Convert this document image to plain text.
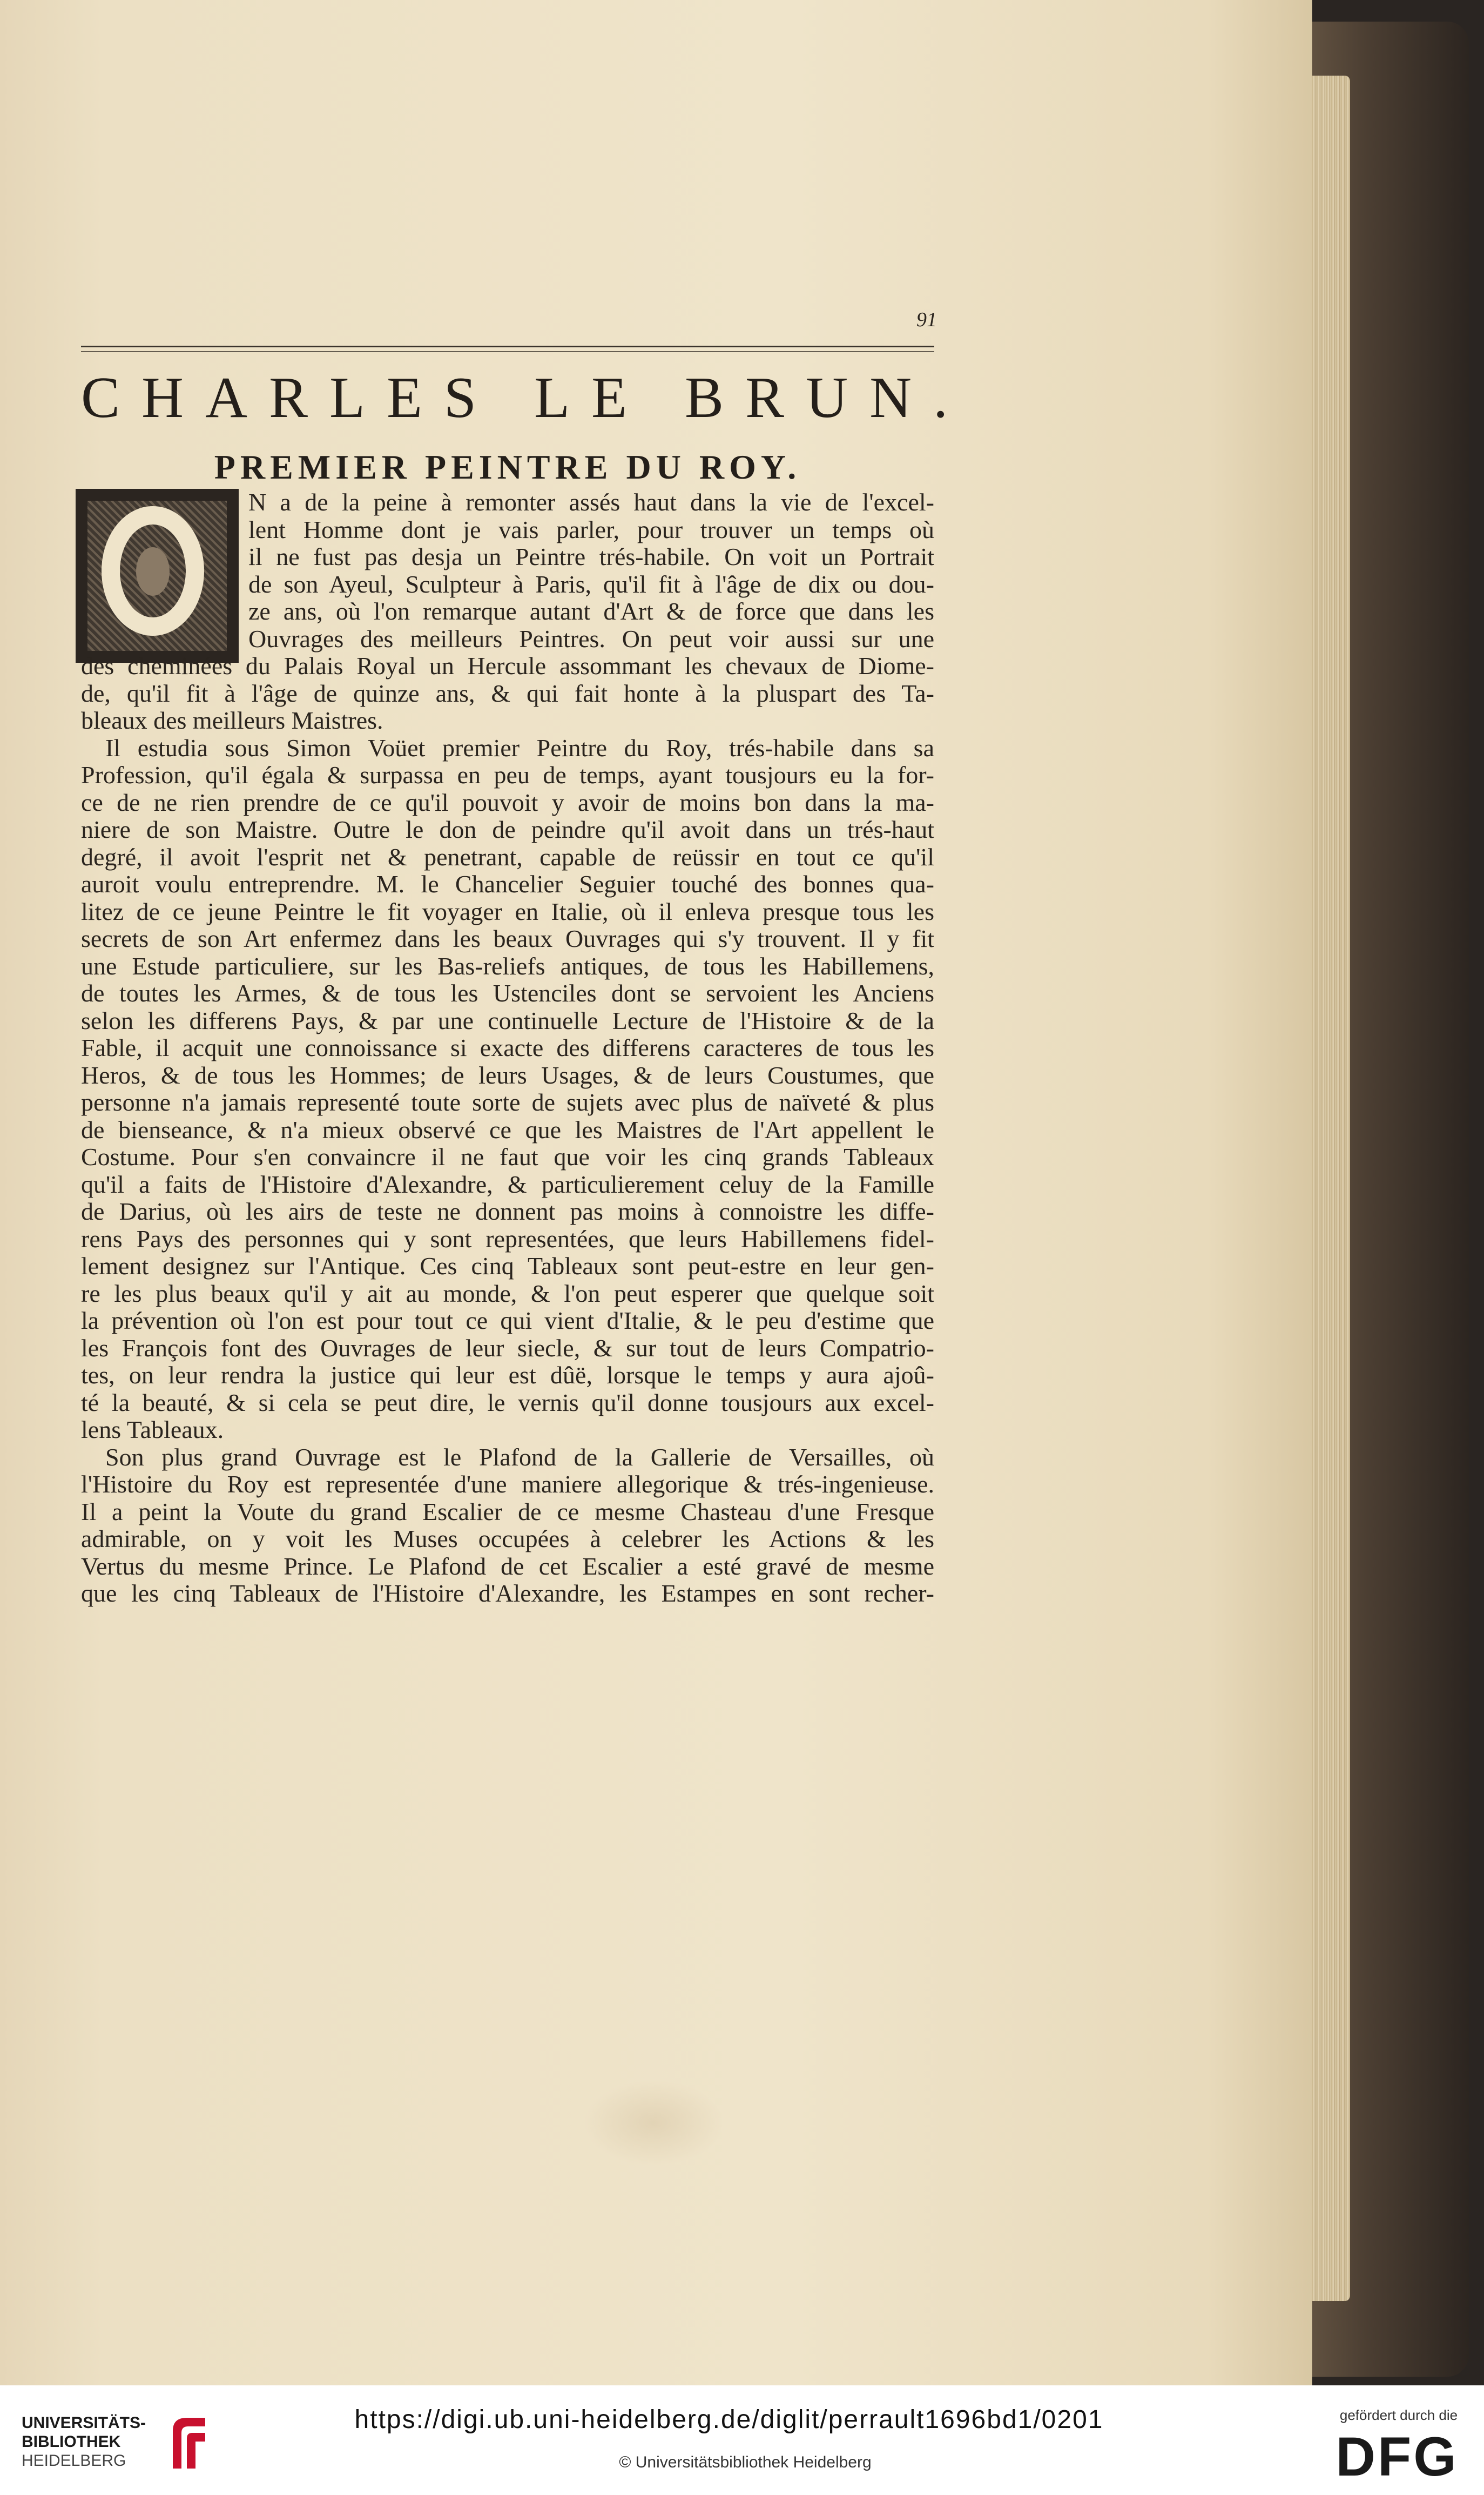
91
CHARLES LE BRUN.
PREMIER PEINTRE DU ROY.
N a de la peine à remonter assés haut dans la vie de l'excel-
lent Homme dont je vais parler, pour trouver un temps où
il ne fust pas desja un Peintre trés-habile. On voit un Portrait
de son Ayeul, Sculpteur à Paris, qu'il fit à l'âge de dix ou dou-
ze ans, où l'on remarque autant d'Art & de force que dans les
Ouvrages des meilleurs Peintres. On peut voir aussi sur une
des cheminées du Palais Royal un Hercule assommant les chevaux de Diome-
de, qu'il fit à l'âge de quinze ans, & qui fait honte à la pluspart des Ta-
bleaux des meilleurs Maistres.
Il estudia sous Simon Voüet premier Peintre du Roy, trés-habile dans sa
Profession, qu'il égala & surpassa en peu de temps, ayant tousjours eu la for-
ce de ne rien prendre de ce qu'il pouvoit y avoir de moins bon dans la ma-
niere de son Maistre. Outre le don de peindre qu'il avoit dans un trés-haut
degré, il avoit l'esprit net & penetrant, capable de reüssir en tout ce qu'il
auroit voulu entreprendre. M. le Chancelier Seguier touché des bonnes qua-
litez de ce jeune Peintre le fit voyager en Italie, où il enleva presque tous les
secrets de son Art enfermez dans les beaux Ouvrages qui s'y trouvent. Il y fit
une Estude particuliere, sur les Bas-reliefs antiques, de tous les Habillemens,
de toutes les Armes, & de tous les Ustenciles dont se servoient les Anciens
selon les differens Pays, & par une continuelle Lecture de l'Histoire & de la
Fable, il acquit une connoissance si exacte des differens caracteres de tous les
Heros, & de tous les Hommes; de leurs Usages, & de leurs Coustumes, que
personne n'a jamais representé toute sorte de sujets avec plus de naïveté & plus
de bienseance, & n'a mieux observé ce que les Maistres de l'Art appellent le
Costume. Pour s'en convaincre il ne faut que voir les cinq grands Tableaux
qu'il a faits de l'Histoire d'Alexandre, & particulierement celuy de la Famille
de Darius, où les airs de teste ne donnent pas moins à connoistre les diffe-
rens Pays des personnes qui y sont representées, que leurs Habillemens fidel-
lement designez sur l'Antique. Ces cinq Tableaux sont peut-estre en leur gen-
re les plus beaux qu'il y ait au monde, & l'on peut esperer que quelque soit
la prévention où l'on est pour tout ce qui vient d'Italie, & le peu d'estime que
les François font des Ouvrages de leur siecle, & sur tout de leurs Compatrio-
tes, on leur rendra la justice qui leur est dûë, lorsque le temps y aura ajoû-
té la beauté, & si cela se peut dire, le vernis qu'il donne tousjours aux excel-
lens Tableaux.
Son plus grand Ouvrage est le Plafond de la Gallerie de Versailles, où
l'Histoire du Roy est representée d'une maniere allegorique & trés-ingenieuse.
Il a peint la Voute du grand Escalier de ce mesme Chasteau d'une Fresque
admirable, on y voit les Muses occupées à celebrer les Actions & les
Vertus du mesme Prince. Le Plafond de cet Escalier a esté gravé de mesme
que les cinq Tableaux de l'Histoire d'Alexandre, les Estampes en sont recher-
UNIVERSITÄTS-
BIBLIOTHEK
HEIDELBERG
https://digi.ub.uni-heidelberg.de/diglit/perrault1696bd1/0201
© Universitätsbibliothek Heidelberg
gefördert durch die
DFG
